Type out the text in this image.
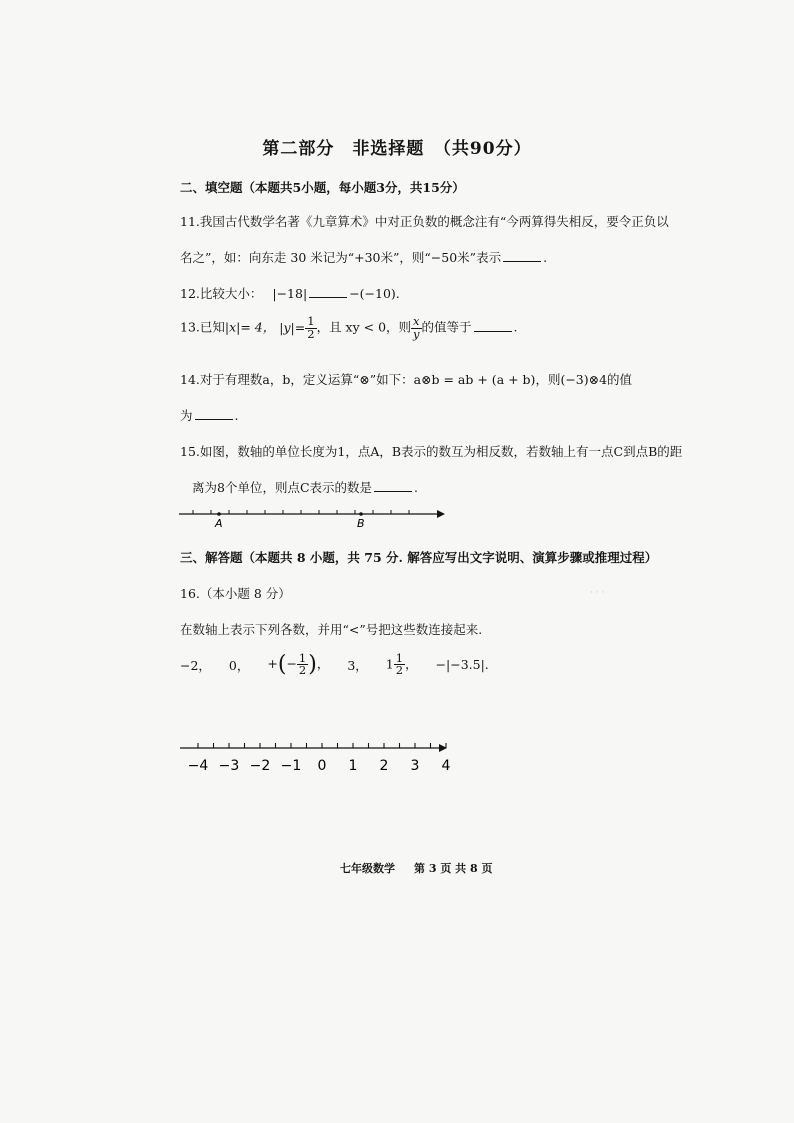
第二部分　非选择题　（共90分）
二、填空题（本题共5小题，每小题3分，共15分）
11.我国古代数学名著《九章算术》中对正负数的概念注有“今两算得失相反，要令正负以
名之”，如：向东走 30 米记为“+30米”，则“−50米”表示	.
12.比较大小： |−18|	−(−10).
13.已知|x|= 4， $|y|= \frac{1}{2}$ ，且 xy < 0，则 $\frac{x}{y}$ 的值等于	.
14.对于有理数a，b，定义运算“⊗”如下：a⊗b = ab + (a + b)，则(−3)⊗4的值
为	.
15.如图，数轴的单位长度为1，点A，B表示的数互为相反数，若数轴上有一点C到点B的距
离为8个单位，则点C表示的数是	.
A	B
三、解答题（本题共 8 小题，共 75 分. 解答应写出文字说明、演算步骤或推理过程）
16.（本小题 8 分）
在数轴上表示下列各数，并用“<”号把这些数连接起来.
−2， 0， +(− $\frac{1}{2}$ )， 3， $1 \frac{1}{2}$ ， −|−3.5|.
−4 −3 −2 −1 0 1 2 3 4
· · ·
七年级数学 第 3 页 共 8 页
